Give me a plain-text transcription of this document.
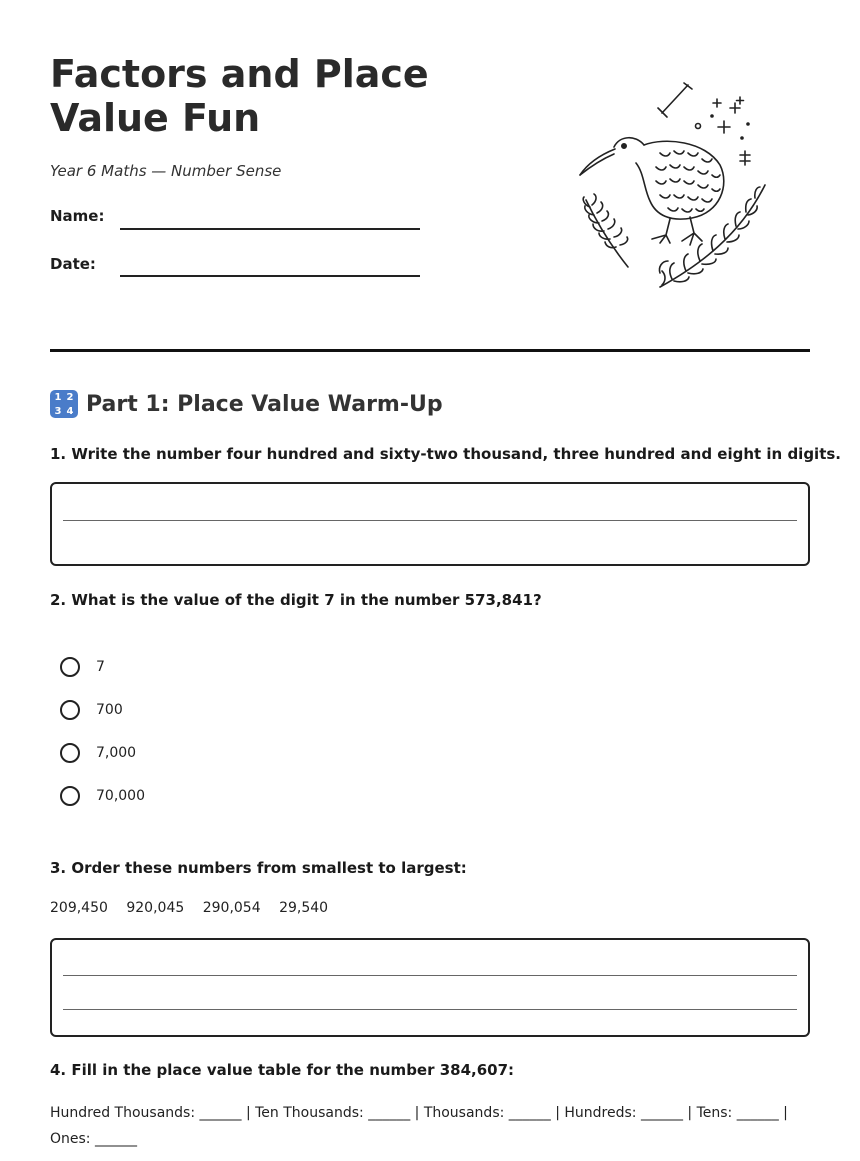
Factors and Place Value Fun

Year 6 Maths — Number Sense

Name:
Date:
1 2
3 4 Part 1: Place Value Warm-Up

1. Write the number four hundred and sixty-two thousand, three hundred and eight in digits.

2. What is the value of the digit 7 in the number 573,841?

7
700
7,000
70,000

3. Order these numbers from smallest to largest:

209,450 920,045 290,054 29,540

4. Fill in the place value table for the number 384,607:

Hundred Thousands: ______ | Ten Thousands: ______ | Thousands: ______ | Hundreds: ______ | Tens: ______ | Ones: ______
